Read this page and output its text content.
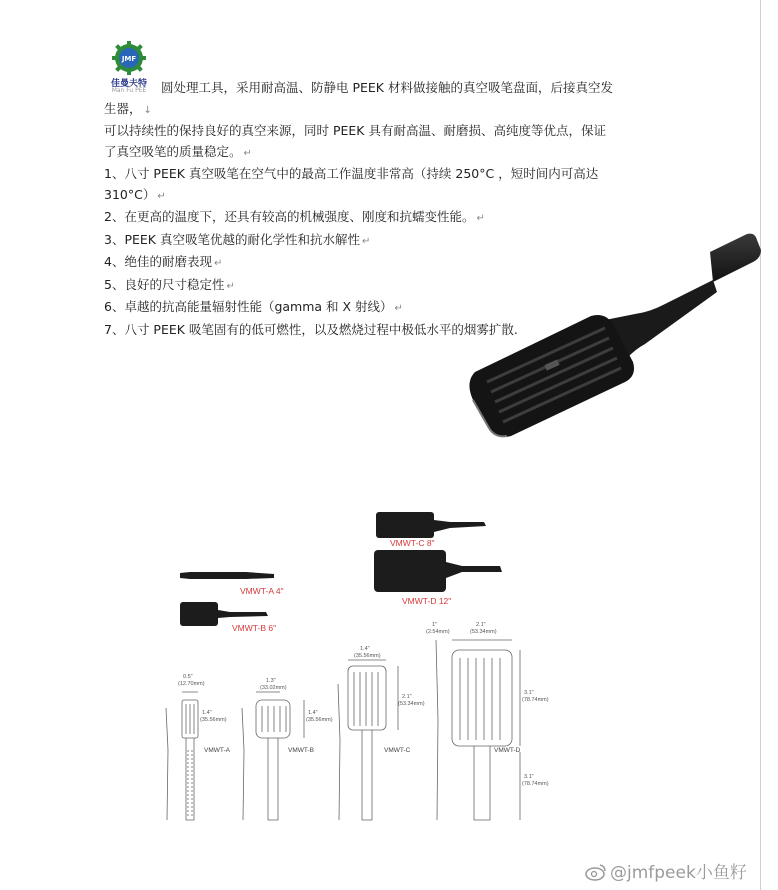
JMF
佳曼夫特
Man Fu PEE	圆处理工具，采用耐高温、防静电 PEEK 材料做接触的真空吸笔盘面，后接真空发

生器， ↓

可以持续性的保持良好的真空来源，同时 PEEK 具有耐高温、耐磨损、高纯度等优点，保证

了真空吸笔的质量稳定。 ↵

1、八寸 PEEK 真空吸笔在空气中的最高工作温度非常高（持续 250°C ，短时间内可高达

310°C） ↵

2、在更高的温度下，还具有较高的机械强度、刚度和抗蠕变性能。 ↵

3、PEEK 真空吸笔优越的耐化学性和抗水解性 ↵

4、绝佳的耐磨表现 ↵

5、良好的尺寸稳定性 ↵

6、卓越的抗高能量辐射性能（gamma 和 X 射线） ↵

7、八寸 PEEK 吸笔固有的低可燃性，以及燃烧过程中极低水平的烟雾扩散.

VMWT-C 8"
VMWT-D 12"
VMWT-A 4"
VMWT-B 6"
0.5"
(12.70mm)
1.4"
(35.56mm)
1.3"
(33.02mm)
1.4"
(35.56mm)
1.4"
(35.56mm)
2.1"
(53.34mm)
1"
(2.54mm)
2.1"
(53.34mm)
3.1"
(78.74mm)
3.1"
(78.74mm)
VMWT-A	VMWT-B	VMWT-C	VMWT-D
@jmfpeek小鱼籽
